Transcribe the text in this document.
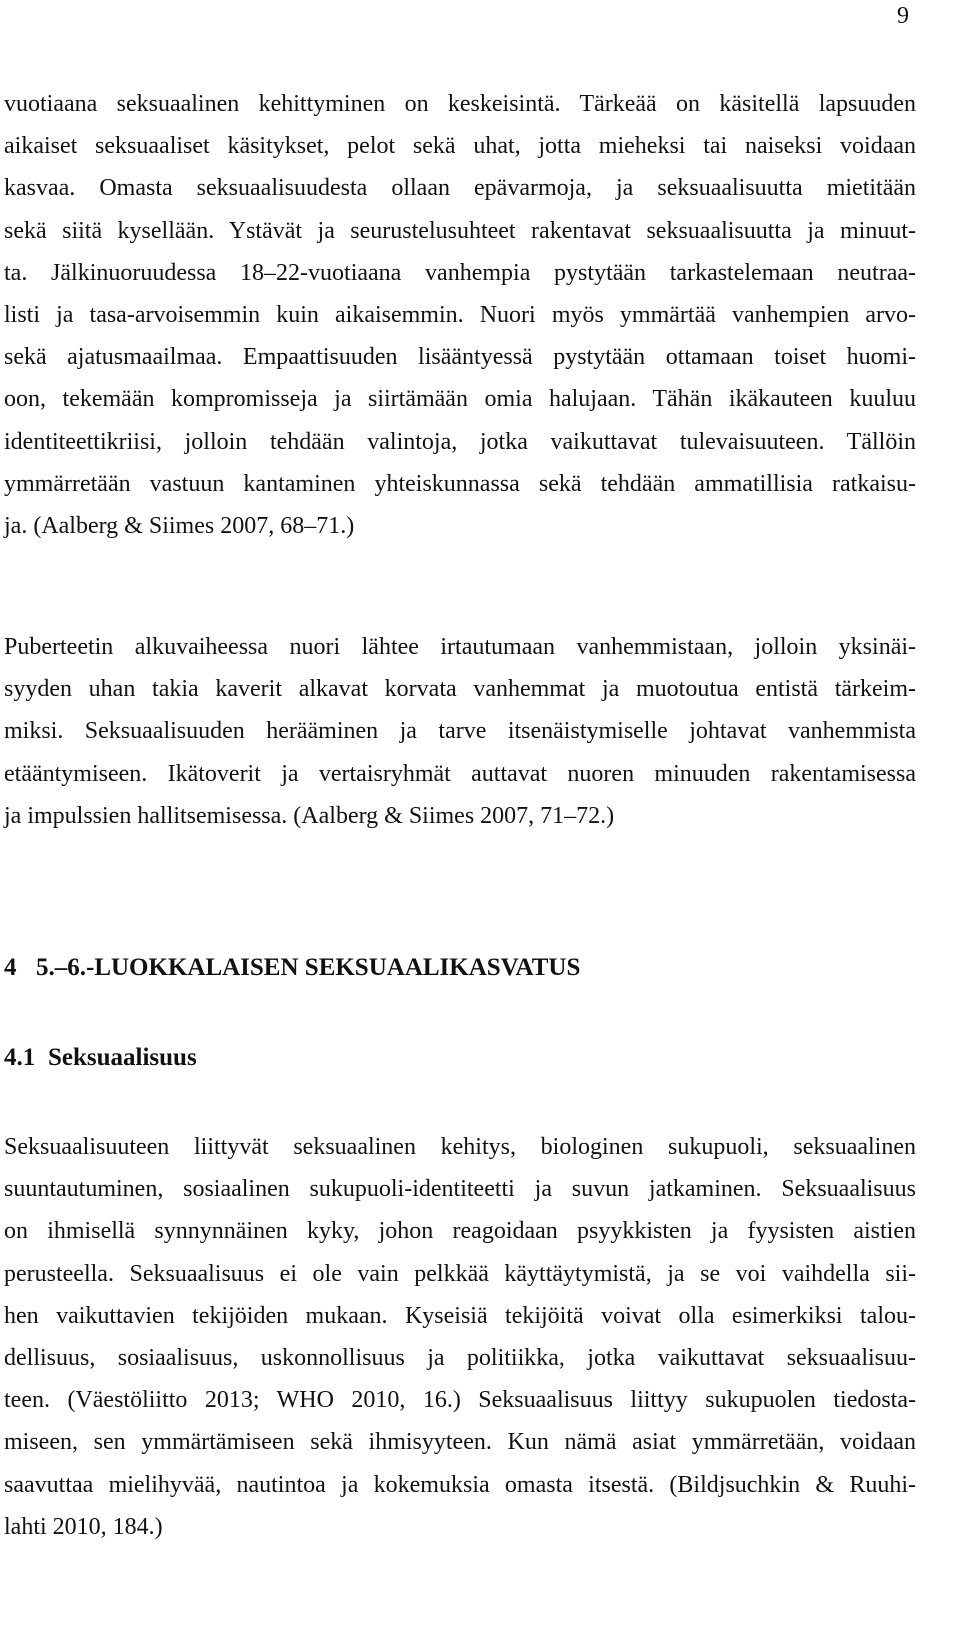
9
vuotiaana seksuaalinen kehittyminen on keskeisintä. Tärkeää on käsitellä lapsuuden
aikaiset seksuaaliset käsitykset, pelot sekä uhat, jotta mieheksi tai naiseksi voidaan
kasvaa. Omasta seksuaalisuudesta ollaan epävarmoja, ja seksuaalisuutta mietitään
sekä siitä kysellään. Ystävät ja seurustelusuhteet rakentavat seksuaalisuutta ja minuut-
ta. Jälkinuoruudessa 18–22-vuotiaana vanhempia pystytään tarkastelemaan neutraa-
listi ja tasa-arvoisemmin kuin aikaisemmin. Nuori myös ymmärtää vanhempien arvo-
sekä ajatusmaailmaa. Empaattisuuden lisääntyessä pystytään ottamaan toiset huomi-
oon, tekemään kompromisseja ja siirtämään omia halujaan. Tähän ikäkauteen kuuluu
identiteettikriisi, jolloin tehdään valintoja, jotka vaikuttavat tulevaisuuteen. Tällöin
ymmärretään vastuun kantaminen yhteiskunnassa sekä tehdään ammatillisia ratkaisu-
ja. (Aalberg & Siimes 2007, 68–71.)
Puberteetin alkuvaiheessa nuori lähtee irtautumaan vanhemmistaan, jolloin yksinäi-
syyden uhan takia kaverit alkavat korvata vanhemmat ja muotoutua entistä tärkeim-
miksi. Seksuaalisuuden herääminen ja tarve itsenäistymiselle johtavat vanhemmista
etääntymiseen. Ikätoverit ja vertaisryhmät auttavat nuoren minuuden rakentamisessa
ja impulssien hallitsemisessa. (Aalberg & Siimes 2007, 71–72.)
4 5.–6.-LUOKKALAISEN SEKSUAALIKASVATUS
4.1 Seksuaalisuus
Seksuaalisuuteen liittyvät seksuaalinen kehitys, biologinen sukupuoli, seksuaalinen
suuntautuminen, sosiaalinen sukupuoli-identiteetti ja suvun jatkaminen. Seksuaalisuus
on ihmisellä synnynnäinen kyky, johon reagoidaan psyykkisten ja fyysisten aistien
perusteella. Seksuaalisuus ei ole vain pelkkää käyttäytymistä, ja se voi vaihdella sii-
hen vaikuttavien tekijöiden mukaan. Kyseisiä tekijöitä voivat olla esimerkiksi talou-
dellisuus, sosiaalisuus, uskonnollisuus ja politiikka, jotka vaikuttavat seksuaalisuu-
teen. (Väestöliitto 2013; WHO 2010, 16.) Seksuaalisuus liittyy sukupuolen tiedosta-
miseen, sen ymmärtämiseen sekä ihmisyyteen. Kun nämä asiat ymmärretään, voidaan
saavuttaa mielihyvää, nautintoa ja kokemuksia omasta itsestä. (Bildjsuchkin & Ruuhi-
lahti 2010, 184.)
